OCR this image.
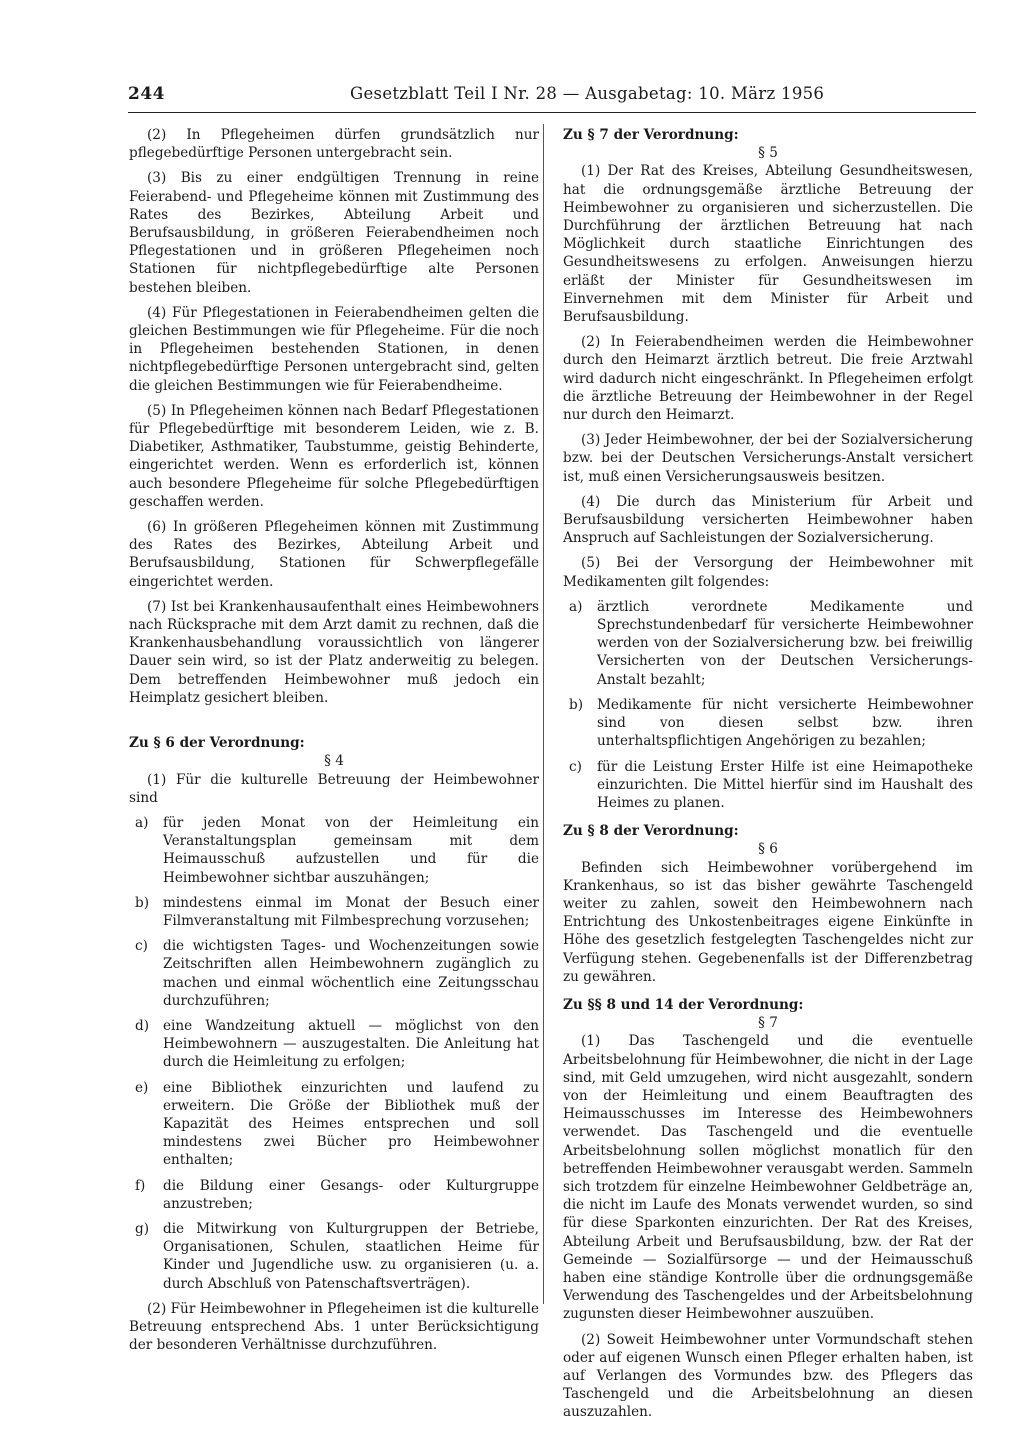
244	Gesetzblatt Teil I Nr. 28 — Ausgabetag: 10. März 1956

(2) In Pflegeheimen dürfen grundsätzlich nur pflegebedürftige Personen untergebracht sein.

(3) Bis zu einer endgültigen Trennung in reine Feierabend- und Pflegeheime können mit Zustimmung des Rates des Bezirkes, Abteilung Arbeit und Berufsausbildung, in größeren Feierabendheimen noch Pflegestationen und in größeren Pflegeheimen noch Stationen für nichtpflegebedürftige alte Personen bestehen bleiben.

(4) Für Pflegestationen in Feierabendheimen gelten die gleichen Bestimmungen wie für Pflegeheime. Für die noch in Pflegeheimen bestehenden Stationen, in denen nichtpflegebedürftige Personen untergebracht sind, gelten die gleichen Bestimmungen wie für Feierabendheime.

(5) In Pflegeheimen können nach Bedarf Pflegestationen für Pflegebedürftige mit besonderem Leiden, wie z. B. Diabetiker, Asthmatiker, Taubstumme, geistig Behinderte, eingerichtet werden. Wenn es erforderlich ist, können auch besondere Pflegeheime für solche Pflegebedürftigen geschaffen werden.

(6) In größeren Pflegeheimen können mit Zustimmung des Rates des Bezirkes, Abteilung Arbeit und Berufsausbildung, Stationen für Schwerpflegefälle eingerichtet werden.

(7) Ist bei Krankenhausaufenthalt eines Heimbewohners nach Rücksprache mit dem Arzt damit zu rechnen, daß die Krankenhausbehandlung voraussichtlich von längerer Dauer sein wird, so ist der Platz anderweitig zu belegen. Dem betreffenden Heimbewohner muß jedoch ein Heimplatz gesichert bleiben.

Zu § 6 der Verordnung:

§ 4

(1) Für die kulturelle Betreuung der Heimbewohner sind

a)	für jeden Monat von der Heimleitung ein Veranstaltungsplan gemeinsam mit dem Heimausschuß aufzustellen und für die Heimbewohner sichtbar auszuhängen;
b)	mindestens einmal im Monat der Besuch einer Filmveranstaltung mit Filmbesprechung vorzusehen;
c)	die wichtigsten Tages- und Wochenzeitungen sowie Zeitschriften allen Heimbewohnern zugänglich zu machen und einmal wöchentlich eine Zeitungsschau durchzuführen;
d)	eine Wandzeitung aktuell — möglichst von den Heimbewohnern — auszugestalten. Die Anleitung hat durch die Heimleitung zu erfolgen;
e)	eine Bibliothek einzurichten und laufend zu erweitern. Die Größe der Bibliothek muß der Kapazität des Heimes entsprechen und soll mindestens zwei Bücher pro Heimbewohner enthalten;
f)	die Bildung einer Gesangs- oder Kulturgruppe anzustreben;
g)	die Mitwirkung von Kulturgruppen der Betriebe, Organisationen, Schulen, staatlichen Heime für Kinder und Jugendliche usw. zu organisieren (u. a. durch Abschluß von Patenschaftsverträgen).

(2) Für Heimbewohner in Pflegeheimen ist die kulturelle Betreuung entsprechend Abs. 1 unter Berücksichtigung der besonderen Verhältnisse durchzuführen.

Zu § 7 der Verordnung:

§ 5

(1) Der Rat des Kreises, Abteilung Gesundheitswesen, hat die ordnungsgemäße ärztliche Betreuung der Heimbewohner zu organisieren und sicherzustellen. Die Durchführung der ärztlichen Betreuung hat nach Möglichkeit durch staatliche Einrichtungen des Gesundheitswesens zu erfolgen. Anweisungen hierzu erläßt der Minister für Gesundheitswesen im Einvernehmen mit dem Minister für Arbeit und Berufsausbildung.

(2) In Feierabendheimen werden die Heimbewohner durch den Heimarzt ärztlich betreut. Die freie Arztwahl wird dadurch nicht eingeschränkt. In Pflegeheimen erfolgt die ärztliche Betreuung der Heimbewohner in der Regel nur durch den Heimarzt.

(3) Jeder Heimbewohner, der bei der Sozialversicherung bzw. bei der Deutschen Versicherungs-Anstalt versichert ist, muß einen Versicherungsausweis besitzen.

(4) Die durch das Ministerium für Arbeit und Berufsausbildung versicherten Heimbewohner haben Anspruch auf Sachleistungen der Sozialversicherung.

(5) Bei der Versorgung der Heimbewohner mit Medikamenten gilt folgendes:

a)	ärztlich verordnete Medikamente und Sprechstundenbedarf für versicherte Heimbewohner werden von der Sozialversicherung bzw. bei freiwillig Versicherten von der Deutschen Versicherungs-Anstalt bezahlt;
b)	Medikamente für nicht versicherte Heimbewohner sind von diesen selbst bzw. ihren unterhaltspflichtigen Angehörigen zu bezahlen;
c)	für die Leistung Erster Hilfe ist eine Heimapotheke einzurichten. Die Mittel hierfür sind im Haushalt des Heimes zu planen.

Zu § 8 der Verordnung:

§ 6

Befinden sich Heimbewohner vorübergehend im Krankenhaus, so ist das bisher gewährte Taschengeld weiter zu zahlen, soweit den Heimbewohnern nach Entrichtung des Unkostenbeitrages eigene Einkünfte in Höhe des gesetzlich festgelegten Taschengeldes nicht zur Verfügung stehen. Gegebenenfalls ist der Differenzbetrag zu gewähren.

Zu §§ 8 und 14 der Verordnung:

§ 7

(1) Das Taschengeld und die eventuelle Arbeitsbelohnung für Heimbewohner, die nicht in der Lage sind, mit Geld umzugehen, wird nicht ausgezahlt, sondern von der Heimleitung und einem Beauftragten des Heimausschusses im Interesse des Heimbewohners verwendet. Das Taschengeld und die eventuelle Arbeitsbelohnung sollen möglichst monatlich für den betreffenden Heimbewohner verausgabt werden. Sammeln sich trotzdem für einzelne Heimbewohner Geldbeträge an, die nicht im Laufe des Monats verwendet wurden, so sind für diese Sparkonten einzurichten. Der Rat des Kreises, Abteilung Arbeit und Berufsausbildung, bzw. der Rat der Gemeinde — Sozialfürsorge — und der Heimausschuß haben eine ständige Kontrolle über die ordnungsgemäße Verwendung des Taschengeldes und der Arbeitsbelohnung zugunsten dieser Heimbewohner auszuüben.

(2) Soweit Heimbewohner unter Vormundschaft stehen oder auf eigenen Wunsch einen Pfleger erhalten haben, ist auf Verlangen des Vormundes bzw. des Pflegers das Taschengeld und die Arbeitsbelohnung an diesen auszuzahlen.
